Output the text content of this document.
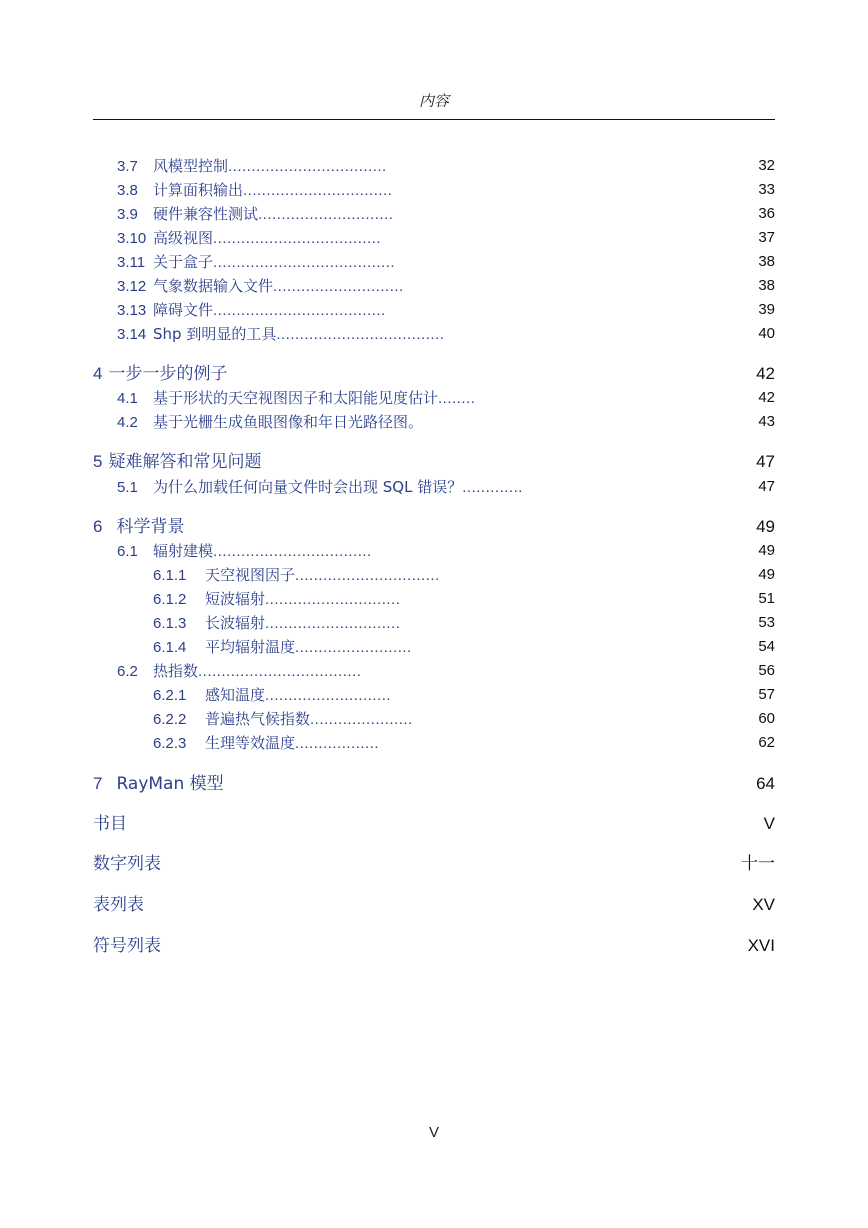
内容
3.7 风模型控制..................................	32
3.8 计算面积输出................................	33
3.9 硬件兼容性测试.............................	36
3.10 高级视图....................................	37
3.11 关于盒子.......................................	38
3.12 气象数据输入文件............................	38
3.13 障碍文件.....................................	39
3.14 Shp 到明显的工具....................................	40
4 一步一步的例子	42
4.1 基于形状的天空视图因子和太阳能见度估计........	42
4.2 基于光栅生成鱼眼图像和年日光路径图。	43
5 疑难解答和常见问题	47
5.1 为什么加载任何向量文件时会出现 SQL 错误？.............	47
6 科学背景	49
6.1 辐射建模..................................	49
6.1.1 天空视图因子...............................	49
6.1.2 短波辐射.............................	51
6.1.3 长波辐射.............................	53
6.1.4 平均辐射温度.........................	54
6.2 热指数...................................	56
6.2.1 感知温度...........................	57
6.2.2 普遍热气候指数......................	60
6.2.3 生理等效温度..................	62
7 RayMan 模型	64
书目	V
数字列表	十一
表列表	XV
符号列表	XVI
V
